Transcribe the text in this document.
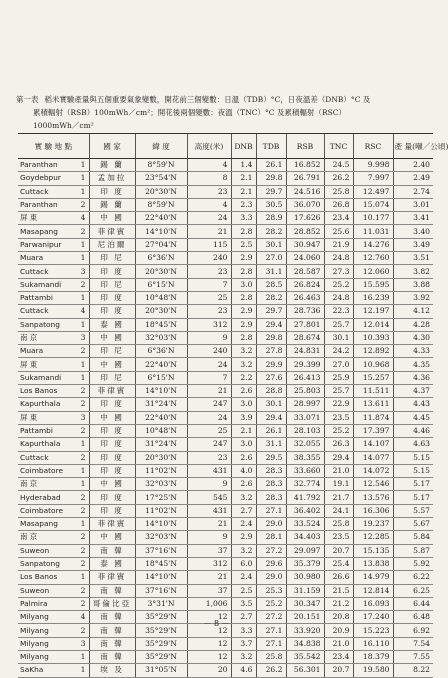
第一表 稻米實驗產量與五個重要氣象變數，開花前三個變數：日溫（TDB）°C，日夜溫差（DNB）°C 及
累積輻射（RSB）100mWh／cm²；開花後兩個變數：夜溫（TNC）°C 及累積輻射（RSC）
1000mWh／cm²
實 驗 地 點		國 家	緯 度	高度(米)	DNB	TDB	RSB	TNC	RSC	產 量(噸／公頃)
Paranthan	1	錫 蘭	8°59'N	4	1.4	26.1	16.852	24.5	9.998	2.40
Goydebpur	1	孟加拉	23°54'N	8	2.1	29.8	26.791	26.2	7.997	2.49
Cuttack	1	印 度	20°30'N	23	2.1	29.7	24.516	25.8	12.497	2.74
Paranthan	2	錫 蘭	8°59'N	4	2.3	30.5	36.070	26.8	15.074	3.01
屏 東	4	中 國	22°40'N	24	3.3	28.9	17.626	23.4	10.177	3.41
Masapang	2	菲律賓	14°10'N	21	2.8	28.2	28.852	25.6	11.031	3.40
Parwanipur	1	尼泊爾	27°04'N	115	2.5	30.1	30.947	21.9	14.276	3.49
Muara	1	印 尼	6°36'N	240	2.9	27.0	24.060	24.8	12.760	3.51
Cuttack	3	印 度	20°30'N	23	2.8	31.1	28.587	27.3	12.060	3.82
Sukamandi	2	印 尼	6°15'N	7	3.0	28.5	26.824	25.2	15.595	3.88
Pattambi	1	印 度	10°48'N	25	2.8	28.2	26.463	24.8	16.239	3.92
Cuttack	4	印 度	20°30'N	23	2.9	29.7	28.736	22.3	12.197	4.12
Sanpatong	1	泰 國	18°45'N	312	2.9	29.4	27.801	25.7	12.014	4.28
南 京	3	中 國	32°03'N	9	2.8	29.8	28.674	30.1	10.393	4.30
Muara	2	印 尼	6°36'N	240	3.2	27.8	24.831	24.2	12.892	4.33
屏 東	1	中 國	22°40'N	24	3.2	29.9	29.399	27.0	10.968	4.35
Sukamandi	1	印 尼	6°15'N	7	2.2	27.6	26.413	25.9	15.257	4.36
Los Banos	2	菲律賓	14°10'N	21	2.6	28.8	25.803	25.7	11.511	4.37
Kapurthala	2	印 度	31°24'N	247	3.0	30.1	28.997	22.9	13.611	4.43
屏 東	3	中 國	22°40'N	24	3.9	29.4	33.071	23.5	11.874	4.45
Pattambi	2	印 度	10°48'N	25	2.1	26.1	28.103	25.2	17.397	4.46
Kapurthala	1	印 度	31°24'N	247	3.0	31.1	32.055	26.3	14.107	4.63
Cuttack	2	印 度	20°30'N	23	2.6	29.5	38.355	29.4	14.077	5.15
Coimbatore	1	印 度	11°02'N	431	4.0	28.3	33.660	21.0	14.072	5.15
南 京	1	中 國	32°03'N	9	2.6	28.3	32.774	19.1	12.546	5.17
Hyderabad	2	印 度	17°25'N	545	3.2	28.3	41.792	21.7	13.576	5.17
Coimbatore	2	印 度	11°02'N	431	2.7	27.1	36.402	24.1	16.306	5.57
Masapang	1	菲律賓	14°10'N	21	2.4	29.0	33.524	25.8	19.237	5.67
南 京	2	中 國	32°03'N	9	2.9	28.1	34.403	23.5	12.285	5.84
Suweon	2	南 韓	37°16'N	37	3.2	27.2	29.097	20.7	15.135	5.87
Sanpatong	2	泰 國	18°45'N	312	6.0	29.6	35.379	25.4	13.838	5.92
Los Banos	1	菲律賓	14°10'N	21	2.4	29.0	30.980	26.6	14.979	6.22
Suweon	2	南 韓	37°16'N	37	2.5	25.3	31.159	21.5	12.814	6.25
Palmira	2	哥倫比亞	3°31'N	1,006	3.5	25.2	30.347	21.2	16.093	6.44
Milyang	4	南 韓	35°29'N	12	2.7	27.2	20.151	20.8	17.240	6.48
Milyang	2	南 韓	35°29'N	12	3.3	27.1	33.920	20.9	15.223	6.92
Milyang	3	南 韓	35°29'N	12	3.7	27.1	34.838	21.0	16.110	7.54
Milyang	1	南 韓	35°29'N	12	3.2	25.8	35.542	23.4	18.379	7.55
SaKha	1	埃 及	31°05'N	20	4.6	26.2	56.301	20.7	19.580	8.22
－ 8 －
